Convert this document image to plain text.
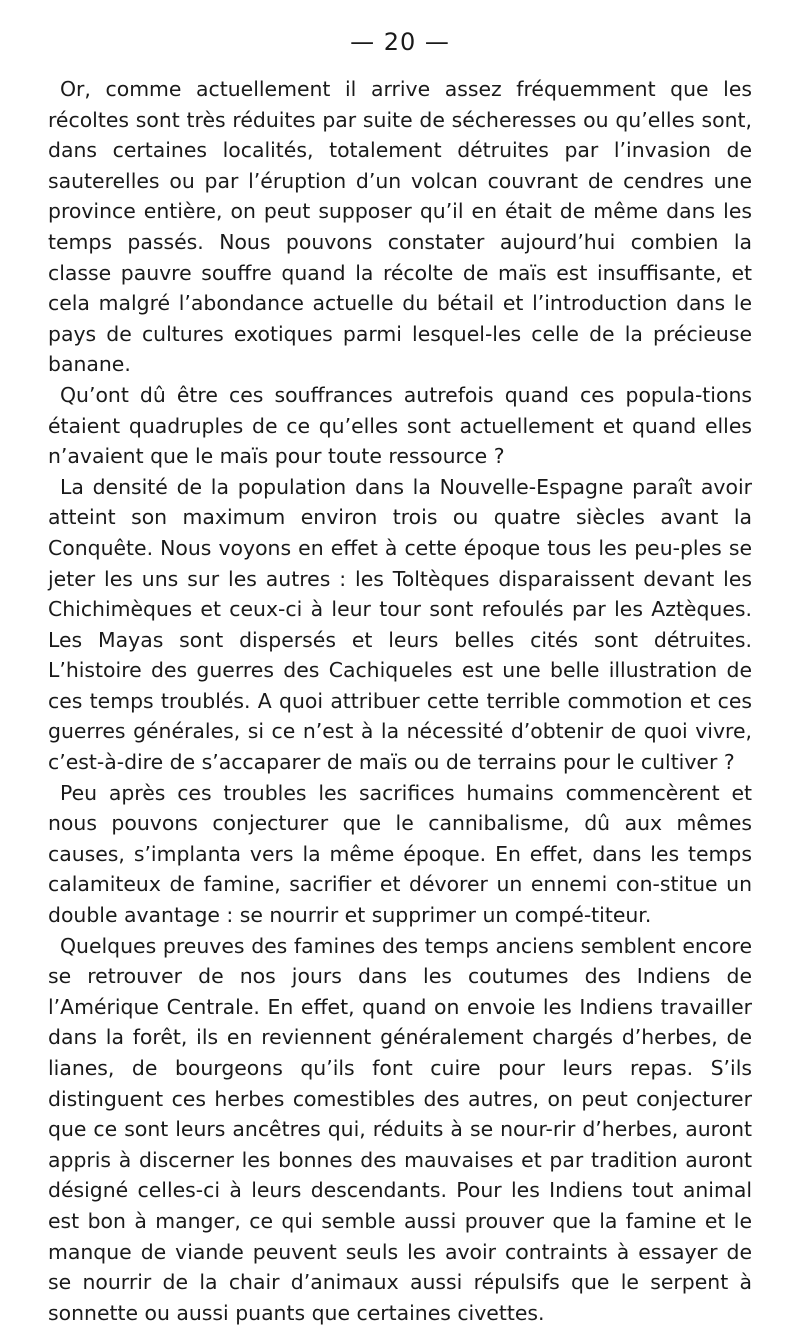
— 20 —

Or, comme actuellement il arrive assez fréquemment que les récoltes sont très réduites par suite de sécheresses ou qu’elles sont, dans certaines localités, totalement détruites par l’invasion de sauterelles ou par l’éruption d’un volcan couvrant de cendres une province entière, on peut supposer qu’il en était de même dans les temps passés. Nous pouvons constater aujourd’hui combien la classe pauvre souffre quand la récolte de maïs est insuffisante, et cela malgré l’abondance actuelle du bétail et l’introduction dans le pays de cultures exotiques parmi lesquel-les celle de la précieuse banane.

Qu’ont dû être ces souffrances autrefois quand ces popula-tions étaient quadruples de ce qu’elles sont actuellement et quand elles n’avaient que le maïs pour toute ressource ?

La densité de la population dans la Nouvelle-Espagne paraît avoir atteint son maximum environ trois ou quatre siècles avant la Conquête. Nous voyons en effet à cette époque tous les peu-ples se jeter les uns sur les autres : les Toltèques disparaissent devant les Chichimèques et ceux-ci à leur tour sont refoulés par les Aztèques. Les Mayas sont dispersés et leurs belles cités sont détruites. L’histoire des guerres des Cachiqueles est une belle illustration de ces temps troublés. A quoi attribuer cette terrible commotion et ces guerres générales, si ce n’est à la nécessité d’obtenir de quoi vivre, c’est-à-dire de s’accaparer de maïs ou de terrains pour le cultiver ?

Peu après ces troubles les sacrifices humains commencèrent et nous pouvons conjecturer que le cannibalisme, dû aux mêmes causes, s’implanta vers la même époque. En effet, dans les temps calamiteux de famine, sacrifier et dévorer un ennemi con-stitue un double avantage : se nourrir et supprimer un compé-titeur.

Quelques preuves des famines des temps anciens semblent encore se retrouver de nos jours dans les coutumes des Indiens de l’Amérique Centrale. En effet, quand on envoie les Indiens travailler dans la forêt, ils en reviennent généralement chargés d’herbes, de lianes, de bourgeons qu’ils font cuire pour leurs repas. S’ils distinguent ces herbes comestibles des autres, on peut conjecturer que ce sont leurs ancêtres qui, réduits à se nour-rir d’herbes, auront appris à discerner les bonnes des mauvaises et par tradition auront désigné celles-ci à leurs descendants. Pour les Indiens tout animal est bon à manger, ce qui semble aussi prouver que la famine et le manque de viande peuvent seuls les avoir contraints à essayer de se nourrir de la chair d’animaux aussi répulsifs que le serpent à sonnette ou aussi puants que certaines civettes.
